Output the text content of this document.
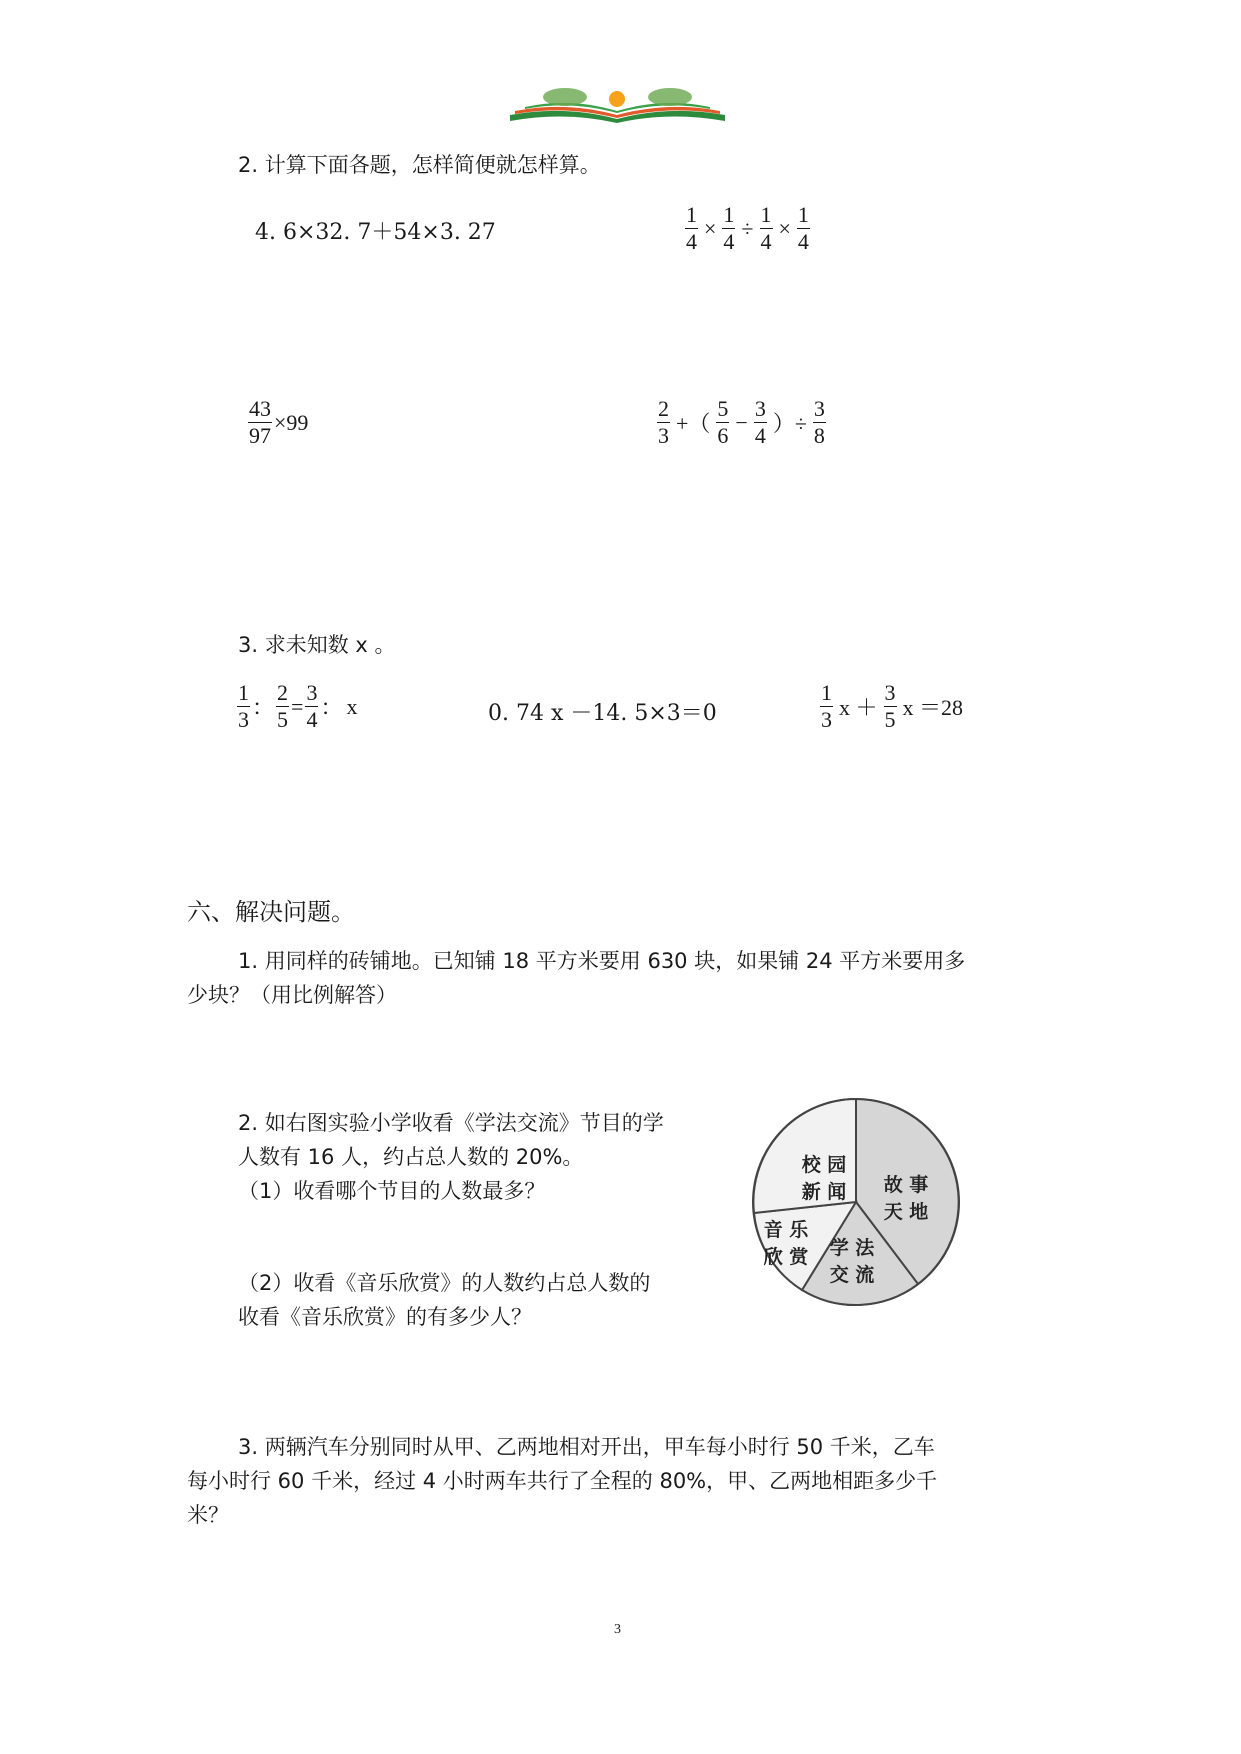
2. 计算下面各题，怎样简便就怎样算。
4. 6×32. 7＋54×3. 27	$\frac{1}{4} \times \frac{1}{4} \div \frac{1}{4} \times \frac{1}{4}$
$\frac{43}{97} \times 99$	$\frac{2}{3}$ +（ $\frac{5}{6} - \frac{3}{4}$ ）÷ $\frac{3}{8}$
3. 求未知数 x 。
$\frac{1}{3}$ ： $\frac{2}{5} = \frac{3}{4}$ ： x	0. 74 x －14. 5×3＝0	$\frac{1}{3}$ $x + \frac{3}{5}$ x ＝28
六、解决问题。
1. 用同样的砖铺地。已知铺 18 平方米要用 630 块，如果铺 24 平方米要用多
少块？（用比例解答）
2. 如右图实验小学收看《学法交流》节目的学
人数有 16 人，约占总人数的 20%。
（1）收看哪个节目的人数最多？
（2）收看《音乐欣赏》的人数约占总人数的
收看《音乐欣赏》的有多少人？
校 园
新 闻 故 事
天 地
音 乐
欣 赏 学 法
交 流
3. 两辆汽车分别同时从甲、乙两地相对开出，甲车每小时行 50 千米，乙车
每小时行 60 千米，经过 4 小时两车共行了全程的 80%，甲、乙两地相距多少千
米？
3
